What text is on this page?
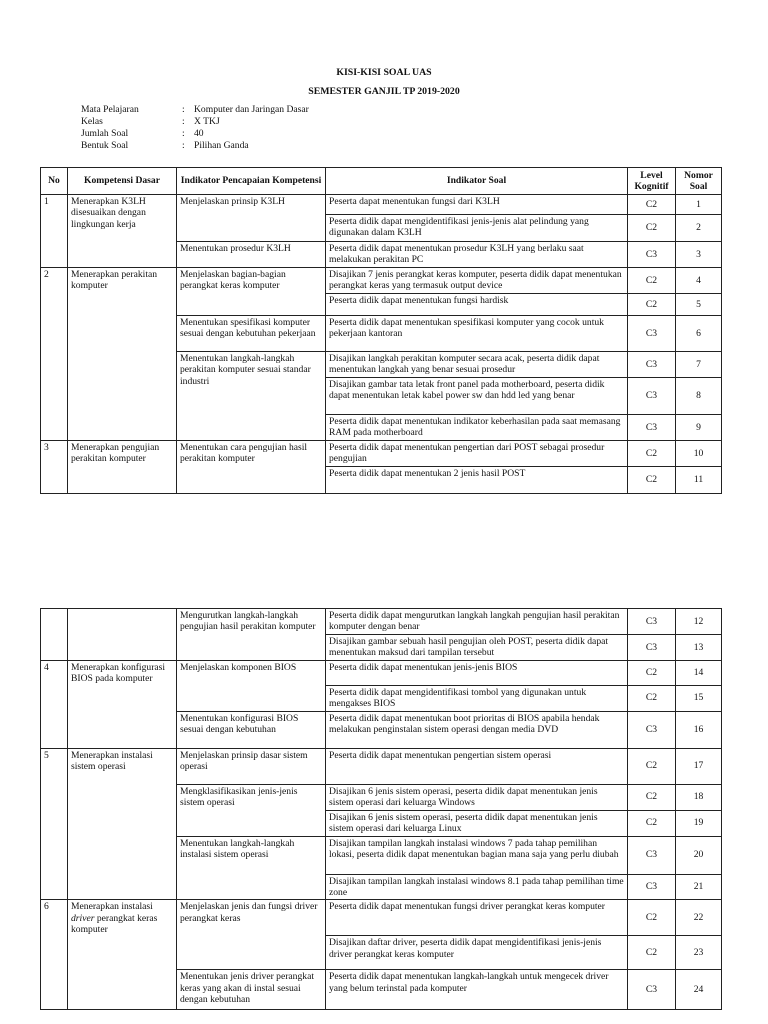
KISI-KISI SOAL UAS
SEMESTER GANJIL TP 2019-2020
Mata Pelajaran	:	Komputer dan Jaringan Dasar
Kelas	:	X TKJ
Jumlah Soal	:	40
Bentuk Soal	:	Pilihan Ganda
No	Kompetensi Dasar	Indikator Pencapaian Kompetensi	Indikator Soal	Level Kognitif	Nomor Soal
1	Menerapkan K3LH disesuaikan dengan lingkungan kerja	Menjelaskan prinsip K3LH	Peserta dapat menentukan fungsi dari K3LH	C2	1
			Peserta didik dapat mengidentifikasi jenis-jenis alat pelindung yang digunakan dalam K3LH	C2	2
		Menentukan prosedur K3LH	Peserta didik dapat menentukan prosedur K3LH yang berlaku saat melakukan perakitan PC	C3	3
2	Menerapkan perakitan komputer	Menjelaskan bagian-bagian perangkat keras komputer	Disajikan 7 jenis perangkat keras komputer, peserta didik dapat menentukan perangkat keras yang termasuk output device	C2	4
			Peserta didik dapat menentukan fungsi hardisk	C2	5
		Menentukan spesifikasi komputer sesuai dengan kebutuhan pekerjaan	Peserta didik dapat menentukan spesifikasi komputer yang cocok untuk pekerjaan kantoran	C3	6
		Menentukan langkah-langkah perakitan komputer sesuai standar industri	Disajikan langkah perakitan komputer secara acak, peserta didik dapat menentukan langkah yang benar sesuai prosedur	C3	7
			Disajikan gambar tata letak front panel pada motherboard, peserta didik dapat menentukan letak kabel power sw dan hdd led yang benar	C3	8
			Peserta didik dapat menentukan indikator keberhasilan pada saat memasang RAM pada motherboard	C3	9
3	Menerapkan pengujian perakitan komputer	Menentukan cara pengujian hasil perakitan komputer	Peserta didik dapat menentukan pengertian dari POST sebagai prosedur pengujian	C2	10
			Peserta didik dapat menentukan 2 jenis hasil POST	C2	11
		Mengurutkan langkah-langkah pengujian hasil perakitan komputer	Peserta didik dapat mengurutkan langkah langkah pengujian hasil perakitan komputer dengan benar	C3	12
			Disajikan gambar sebuah hasil pengujian oleh POST, peserta didik dapat menentukan maksud dari tampilan tersebut	C3	13
4	Menerapkan konfigurasi BIOS pada komputer	Menjelaskan komponen BIOS	Peserta didik dapat menentukan jenis-jenis BIOS	C2	14
			Peserta didik dapat mengidentifikasi tombol yang digunakan untuk mengakses BIOS	C2	15
		Menentukan konfigurasi BIOS sesuai dengan kebutuhan	Peserta didik dapat menentukan boot prioritas di BIOS apabila hendak melakukan penginstalan sistem operasi dengan media DVD	C3	16
5	Menerapkan instalasi sistem operasi	Menjelaskan prinsip dasar sistem operasi	Peserta didik dapat menentukan pengertian sistem operasi	C2	17
		Mengklasifikasikan jenis-jenis sistem operasi	Disajikan 6 jenis sistem operasi, peserta didik dapat menentukan jenis sistem operasi dari keluarga Windows	C2	18
			Disajikan 6 jenis sistem operasi, peserta didik dapat menentukan jenis sistem operasi dari keluarga Linux	C2	19
		Menentukan langkah-langkah instalasi sistem operasi	Disajikan tampilan langkah instalasi windows 7 pada tahap pemilihan lokasi, peserta didik dapat menentukan bagian mana saja yang perlu diubah	C3	20
			Disajikan tampilan langkah instalasi windows 8.1 pada tahap pemilihan time zone	C3	21
6	Menerapkan instalasi driver perangkat keras komputer	Menjelaskan jenis dan fungsi driver perangkat keras	Peserta didik dapat menentukan fungsi driver perangkat keras komputer	C2	22
			Disajikan daftar driver, peserta didik dapat mengidentifikasi jenis-jenis driver perangkat keras komputer	C2	23
		Menentukan jenis driver perangkat keras yang akan di instal sesuai dengan kebutuhan	Peserta didik dapat menentukan langkah-langkah untuk mengecek driver yang belum terinstal pada komputer	C3	24
